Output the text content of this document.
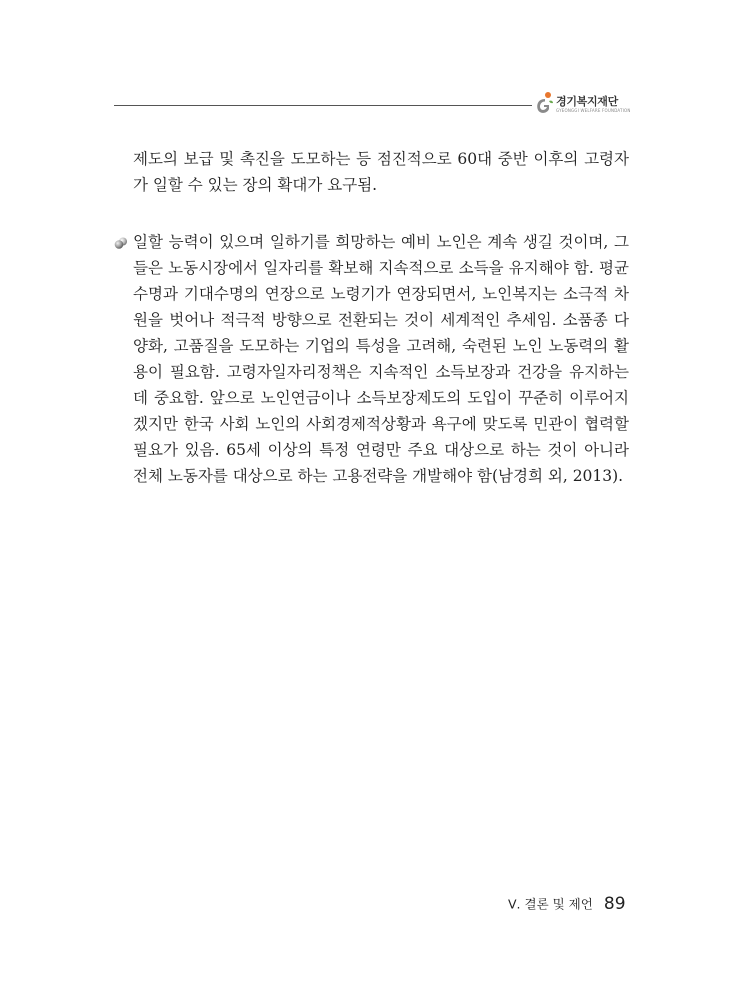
경기복지재단
GYEONGGI WELFARE FOUNDATION

제도의 보급 및 촉진을 도모하는 등 점진적으로 60대 중반 이후의 고령자가 일할 수 있는 장의 확대가 요구됨.

일할 능력이 있으며 일하기를 희망하는 예비 노인은 계속 생길 것이며, 그들은 노동시장에서 일자리를 확보해 지속적으로 소득을 유지해야 함. 평균수명과 기대수명의 연장으로 노령기가 연장되면서, 노인복지는 소극적 차원을 벗어나 적극적 방향으로 전환되는 것이 세계적인 추세임. 소품종 다양화, 고품질을 도모하는 기업의 특성을 고려해, 숙련된 노인 노동력의 활용이 필요함. 고령자일자리정책은 지속적인 소득보장과 건강을 유지하는데 중요함. 앞으로 노인연금이나 소득보장제도의 도입이 꾸준히 이루어지겠지만 한국 사회 노인의 사회경제적상황과 욕구에 맞도록 민관이 협력할 필요가 있음. 65세 이상의 특정 연령만 주요 대상으로 하는 것이 아니라 전체 노동자를 대상으로 하는 고용전략을 개발해야 함(남경희 외, 2013).

Ⅴ. 결론 및 제언 89
